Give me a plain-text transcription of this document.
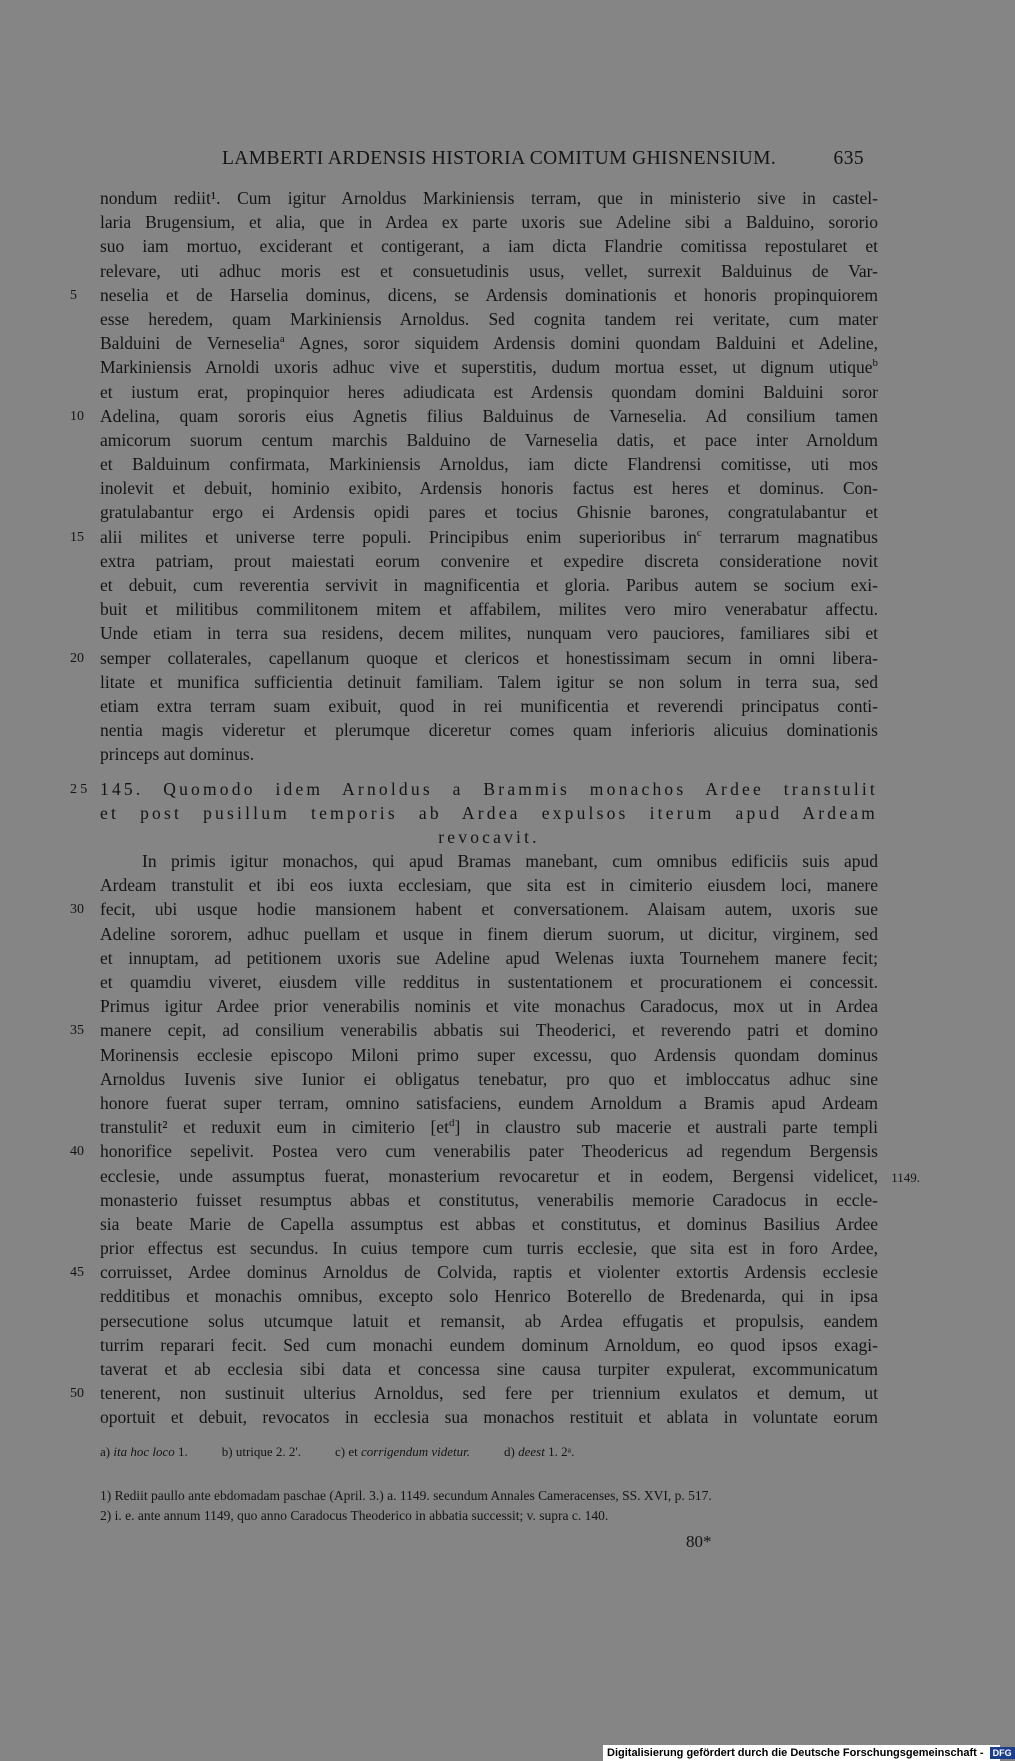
LAMBERTI ARDENSIS HISTORIA COMITUM GHISNENSIUM.	635
nondum rediit¹. Cum igitur Arnoldus Markiniensis terram, que in ministerio sive in castel-
laria Brugensium, et alia, que in Ardea ex parte uxoris sue Adeline sibi a Balduino, sororio
suo iam mortuo, exciderant et contigerant, a iam dicta Flandrie comitissa repostularet et
relevare, uti adhuc moris est et consuetudinis usus, vellet, surrexit Balduinus de Var-
5	neselia et de Harselia dominus, dicens, se Ardensis dominationis et honoris propinquiorem
esse heredem, quam Markiniensis Arnoldus. Sed cognita tandem rei veritate, cum mater
Balduini de Verneselia$^a$ Agnes, soror siquidem Ardensis domini quondam Balduini et Adeline,
Markiniensis Arnoldi uxoris adhuc vive et superstitis, dudum mortua esset, ut dignum utique$^b$
et iustum erat, propinquior heres adiudicata est Ardensis quondam domini Balduini soror
10 Adelina, quam sororis eius Agnetis filius Balduinus de Varneselia. Ad consilium tamen
amicorum suorum centum marchis Balduino de Varneselia datis, et pace inter Arnoldum
et Balduinum confirmata, Markiniensis Arnoldus, iam dicte Flandrensi comitisse, uti mos
inolevit et debuit, hominio exibito, Ardensis honoris factus est heres et dominus. Con-
gratulabantur ergo ei Ardensis opidi pares et tocius Ghisnie barones, congratulabantur et
15 alii milites et universe terre populi. Principibus enim superioribus $in^c$ terrarum magnatibus
extra patriam, prout maiestati eorum convenire et expedire discreta consideratione novit
et debuit, cum reverentia servivit in magnificentia et gloria. Paribus autem se socium exi-
buit et militibus commilitonem mitem et affabilem, milites vero miro venerabatur affectu.
Unde etiam in terra sua residens, decem milites, nunquam vero pauciores, familiares sibi et
20 semper collaterales, capellanum quoque et clericos et honestissimam secum in omni libera-
litate et munifica sufficientia detinuit familiam. Talem igitur se non solum in terra sua, sed
etiam extra terram suam exibuit, quod in rei munificentia et reverendi principatus conti-
nentia magis videretur et plerumque diceretur comes quam inferioris alicuius dominationis
princeps aut dominus.
25 145. Quomodo idem Arnoldus a Brammis monachos Ardee transtulit
et post pusillum temporis ab Ardea expulsos iterum apud Ardeam
revocavit.
In primis igitur monachos, qui apud Bramas manebant, cum omnibus edificiis suis apud
Ardeam transtulit et ibi eos iuxta ecclesiam, que sita est in cimiterio eiusdem loci, manere
30 fecit, ubi usque hodie mansionem habent et conversationem. Alaisam autem, uxoris sue
Adeline sororem, adhuc puellam et usque in finem dierum suorum, ut dicitur, virginem, sed
et innuptam, ad petitionem uxoris sue Adeline apud Welenas iuxta Tournehem manere fecit;
et quamdiu viveret, eiusdem ville redditus in sustentationem et procurationem ei concessit.
Primus igitur Ardee prior venerabilis nominis et vite monachus Caradocus, mox ut in Ardea
35 manere cepit, ad consilium venerabilis abbatis sui Theoderici, et reverendo patri et domino
Morinensis ecclesie episcopo Miloni primo super excessu, quo Ardensis quondam dominus
Arnoldus Iuvenis sive Iunior ei obligatus tenebatur, pro quo et imbloccatus adhuc sine
honore fuerat super terram, omnino satisfaciens, eundem Arnoldum a Bramis apud Ardeam
transtulit² et reduxit eum in cimiterio $[et^d]$ in claustro sub macerie et australi parte templi
40 honorifice sepelivit. Postea vero cum venerabilis pater Theodericus ad regendum Bergensis
ecclesie, unde assumptus fuerat, monasterium revocaretur et in eodem, Bergensi videlicet, 1149.
monasterio fuisset resumptus abbas et constitutus, venerabilis memorie Caradocus in eccle-
sia beate Marie de Capella assumptus est abbas et constitutus, et dominus Basilius Ardee
prior effectus est secundus. In cuius tempore cum turris ecclesie, que sita est in foro Ardee,
45 corruisset, Ardee dominus Arnoldus de Colvida, raptis et violenter extortis Ardensis ecclesie
redditibus et monachis omnibus, excepto solo Henrico Boterello de Bredenarda, qui in ipsa
persecutione solus utcumque latuit et remansit, ab Ardea effugatis et propulsis, eandem
turrim reparari fecit. Sed cum monachi eundem dominum Arnoldum, eo quod ipsos exagi-
taverat et ab ecclesia sibi data et concessa sine causa turpiter expulerat, excommunicatum
50 tenerent, non sustinuit ulterius Arnoldus, sed fere per triennium exulatos et demum, ut
oportuit et debuit, revocatos in ecclesia sua monachos restituit et ablata in voluntate eorum
a) ita hoc loco 1.	b) utrique 2. 2'.	c) et corrigendum videtur.	d) deest 1. 2ᵃ.
1) Rediit paullo ante ebdomadam paschae (April. 3.) a. 1149. secundum Annales Cameracenses, SS. XVI, p. 517.
2) i. e. ante annum 1149, quo anno Caradocus Theoderico in abbatia successit; v. supra c. 140.
80*
Digitalisierung gefördert durch die Deutsche Forschungsgemeinschaft - DFG
